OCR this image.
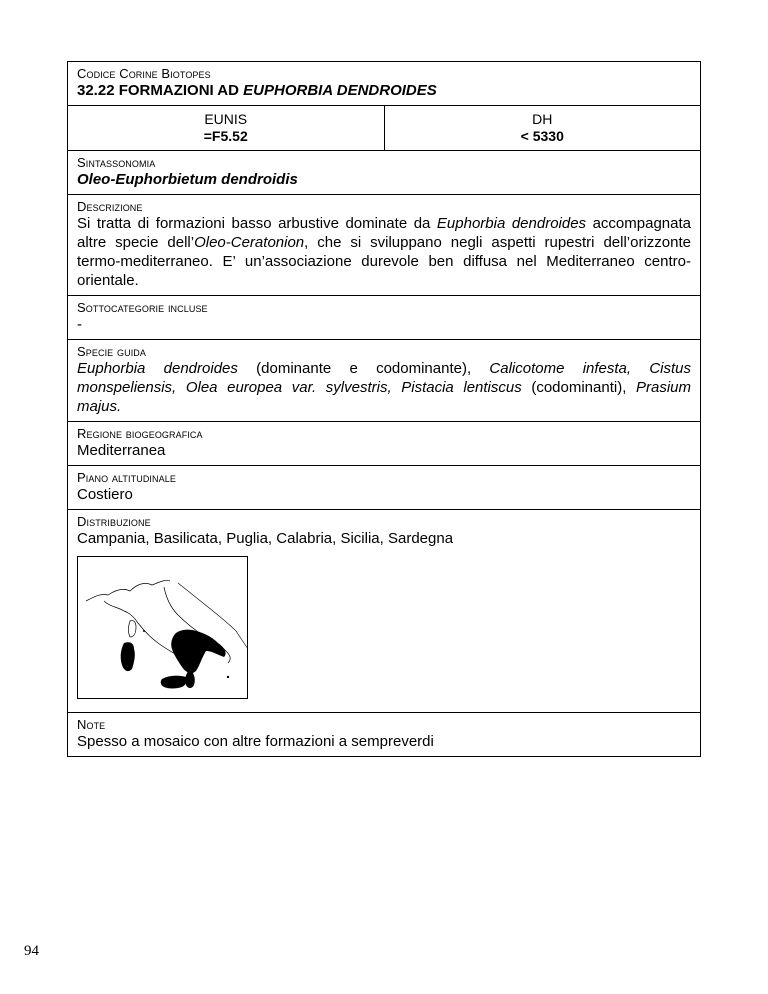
Codice Corine Biotopes
32.22 FORMAZIONI AD EUPHORBIA DENDROIDES
EUNIS
=F5.52
DH
< 5330
Sintassonomia
Oleo-Euphorbietum dendroidis
Descrizione
Si tratta di formazioni basso arbustive dominate da Euphorbia dendroides accompagnata altre specie dell’Oleo-Ceratonion, che si sviluppano negli aspetti rupestri dell’orizzonte termo-mediterraneo. E’ un’associazione durevole ben diffusa nel Mediterraneo centro-orientale.
Sottocategorie incluse
-
Specie guida
Euphorbia dendroides (dominante e codominante), Calicotome infesta, Cistus monspeliensis, Olea europea var. sylvestris, Pistacia lentiscus (codominanti), Prasium majus.
Regione biogeografica
Mediterranea
Piano altitudinale
Costiero
Distribuzione
Campania, Basilicata, Puglia, Calabria, Sicilia, Sardegna
Note
Spesso a mosaico con altre formazioni a sempreverdi
94
